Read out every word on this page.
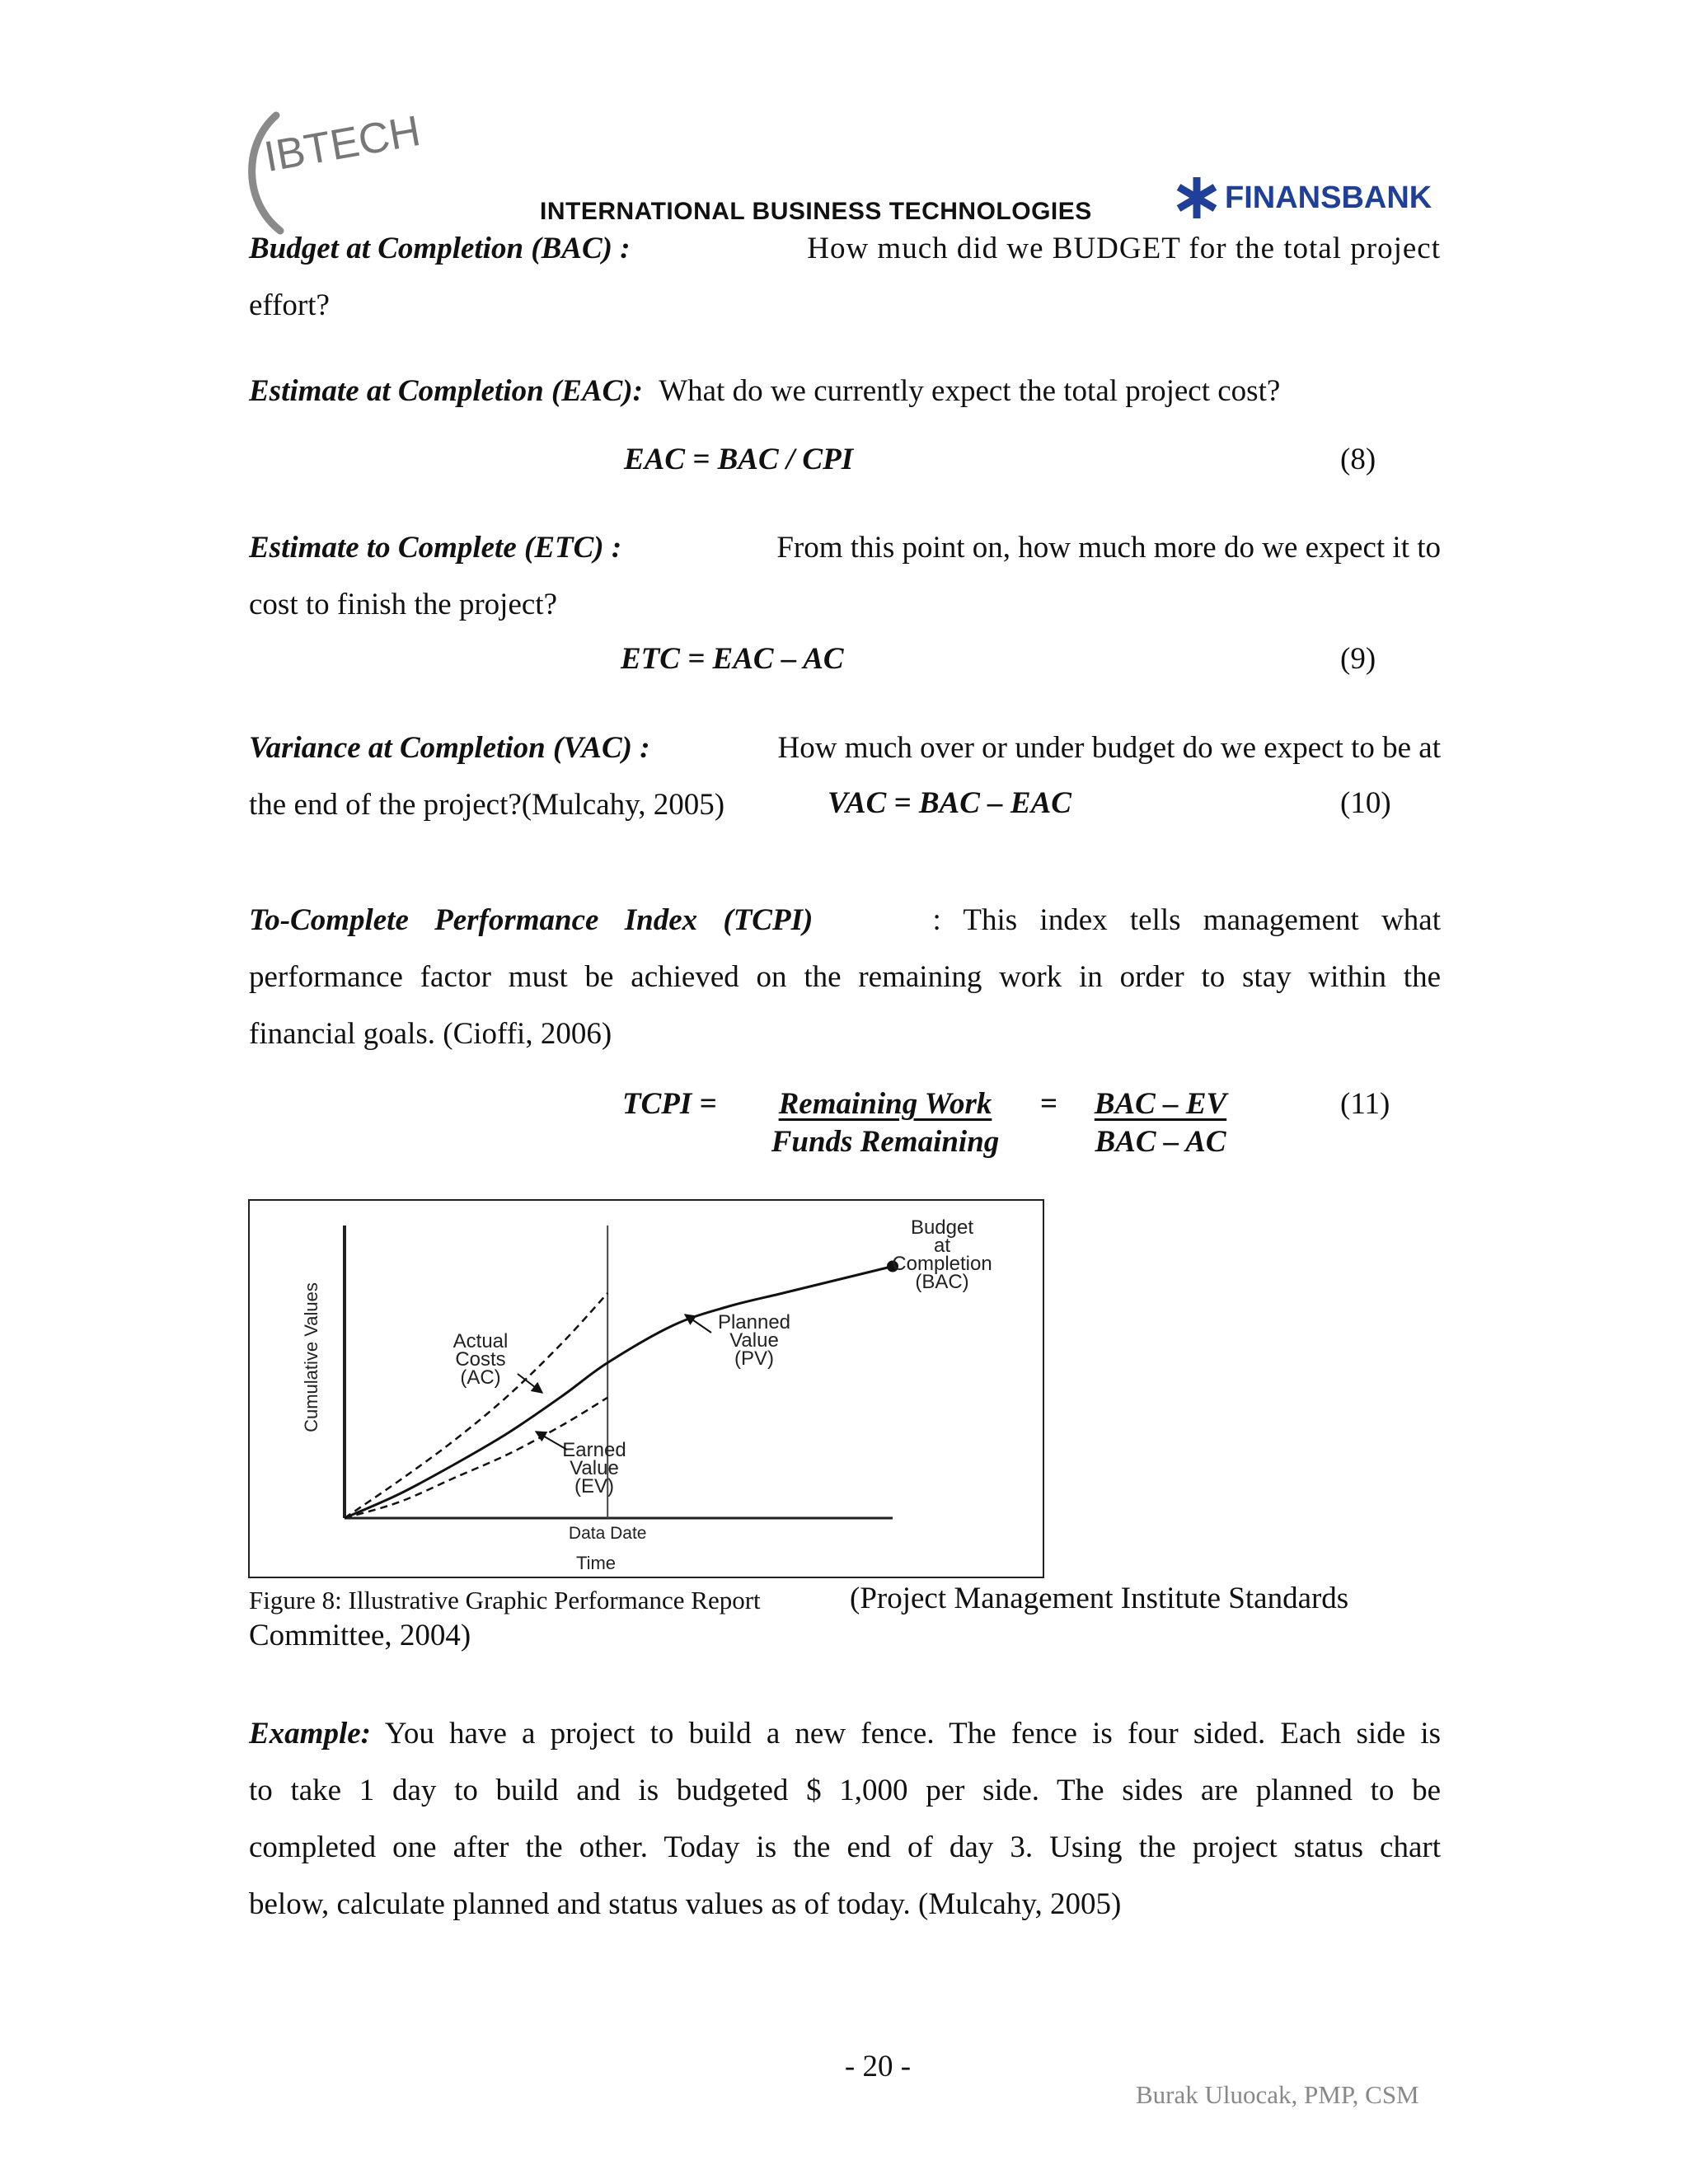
IBTECH
INTERNATIONAL BUSINESS TECHNOLOGIES	FINANSBANK
Budget at Completion (BAC) :	How much did we BUDGET for the total project
effort?
Estimate at Completion (EAC): What do we currently expect the total project cost?
EAC = BAC / CPI	(8)
Estimate to Complete (ETC) :	From this point on, how much more do we expect it to
cost to finish the project?
ETC = EAC – AC	(9)
Variance at Completion (VAC) :	How much over or under budget do we expect to be at
the end of the project?(Mulcahy, 2005)	VAC = BAC – EAC	(10)
To-Complete Performance Index (TCPI)	: This index tells management what
performance factor must be achieved on the remaining work in order to stay within the
financial goals. (Cioffi, 2006)
TCPI =	Remaining Work
Funds Remaining
=	BAC – EV
BAC – AC
(11)
Budget
at
Completion
(BAC)
Planned
Value
(PV)
Actual
Costs
(AC)
Earned
Value
(EV)
Data Date
Time
Cumulative Values
Figure 8: Illustrative Graphic Performance Report	(Project Management Institute Standards
Committee, 2004)
Example: You have a project to build a new fence. The fence is four sided. Each side is
to take 1 day to build and is budgeted $ 1,000 per side. The sides are planned to be
completed one after the other. Today is the end of day 3. Using the project status chart
below, calculate planned and status values as of today. (Mulcahy, 2005)
- 20 -
Burak Uluocak, PMP, CSM
